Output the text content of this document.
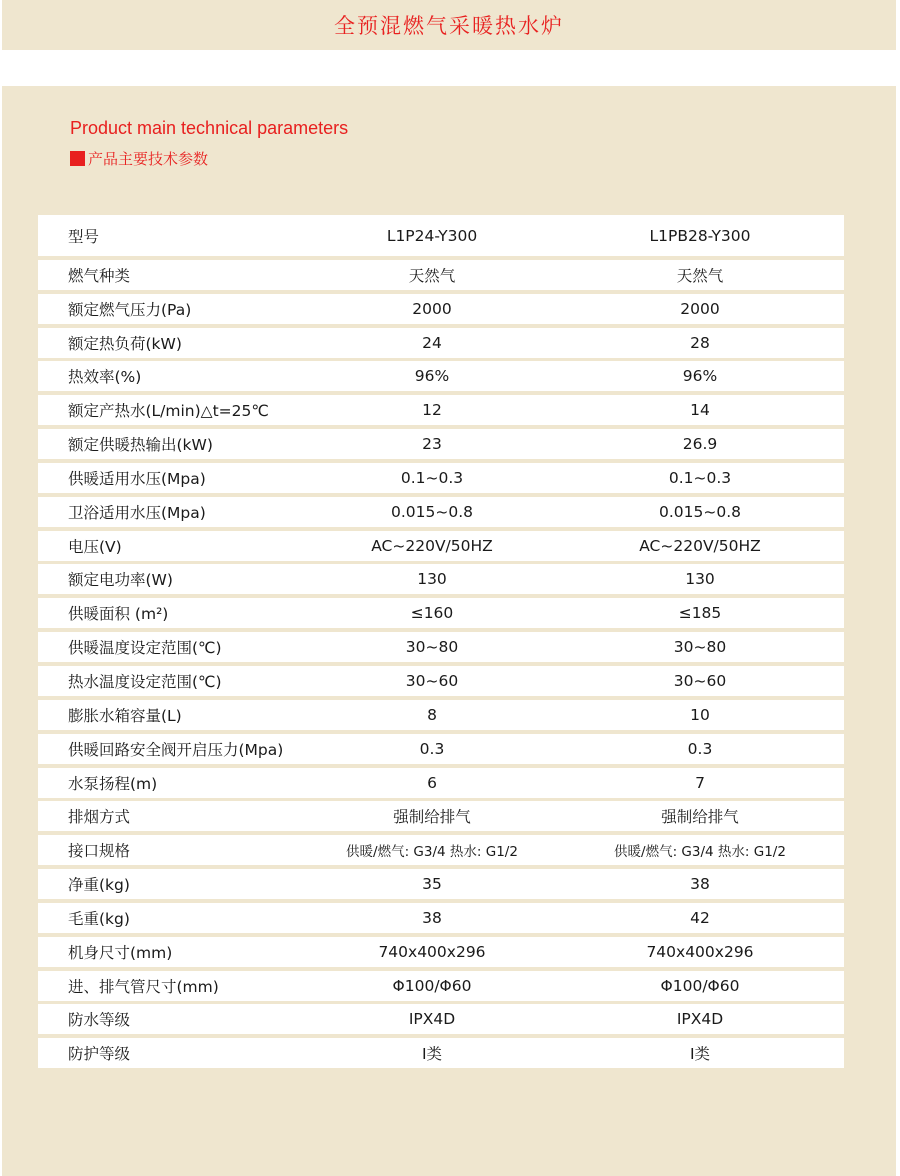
全预混燃气采暖热水炉
Product main technical parameters
产品主要技术参数
型号	L1P24-Y300	L1PB28-Y300
燃气种类	天然气	天然气
额定燃气压力(Pa)	2000	2000
额定热负荷(kW)	24	28
热效率(%)	96%	96%
额定产热水(L/min)△t=25℃	12	14
额定供暖热输出(kW)	23	26.9
供暖适用水压(Mpa)	0.1~0.3	0.1~0.3
卫浴适用水压(Mpa)	0.015~0.8	0.015~0.8
电压(V)	AC~220V/50HZ	AC~220V/50HZ
额定电功率(W)	130	130
供暖面积 (m²)	≤160	≤185
供暖温度设定范围(℃)	30~80	30~80
热水温度设定范围(℃)	30~60	30~60
膨胀水箱容量(L)	8	10
供暖回路安全阀开启压力(Mpa)	0.3	0.3
水泵扬程(m)	6	7
排烟方式	强制给排气	强制给排气
接口规格	供暖/燃气: G3/4 热水: G1/2	供暖/燃气: G3/4 热水: G1/2
净重(kg)	35	38
毛重(kg)	38	42
机身尺寸(mm)	740x400x296	740x400x296
进、排气管尺寸(mm)	Φ100/Φ60	Φ100/Φ60
防水等级	IPX4D	IPX4D
防护等级	I类	I类
